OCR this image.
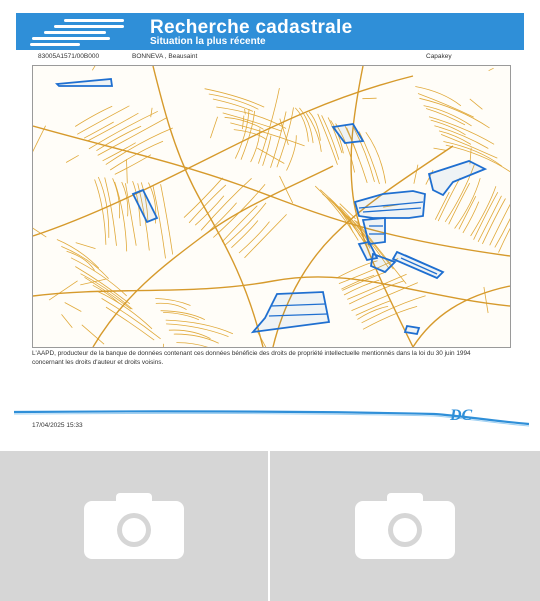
Recherche cadastrale
Situation la plus récente
83005A1571/00B000	BONNEVA , Beausaint	Capakey
L'AAPD, producteur de la banque de données contenant ces données bénéficie des droits de propriété intellectuelle mentionnés dans la loi du 30 juin 1994 concernant les droits d'auteur et droits voisins.
DC
17/04/2025 15:33
